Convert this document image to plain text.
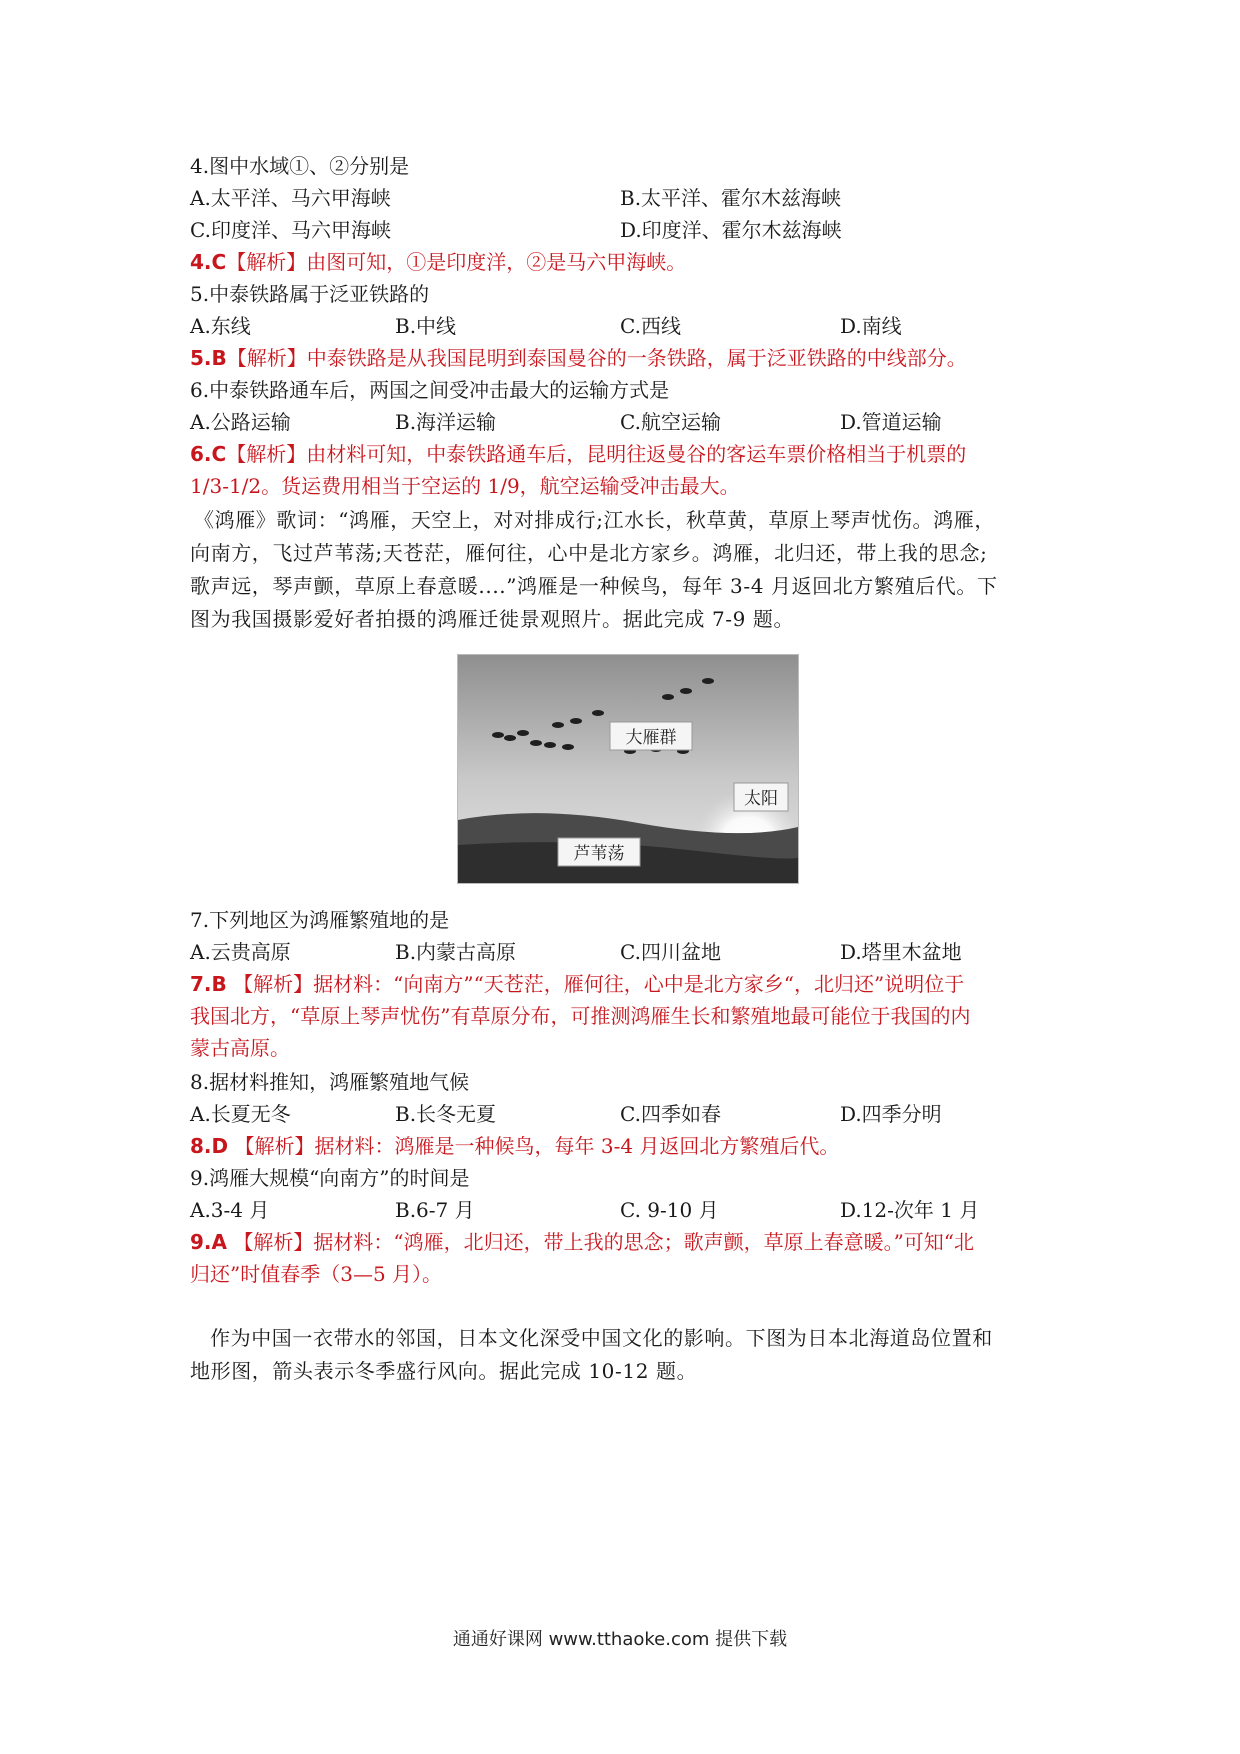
4.图中水域①、②分别是
A.太平洋、马六甲海峡	B.太平洋、霍尔木兹海峡
C.印度洋、马六甲海峡	D.印度洋、霍尔木兹海峡
4.C【解析】由图可知，①是印度洋，②是马六甲海峡。
5.中泰铁路属于泛亚铁路的
A.东线	B.中线	C.西线	D.南线
5.B【解析】中泰铁路是从我国昆明到泰国曼谷的一条铁路，属于泛亚铁路的中线部分。
6.中泰铁路通车后，两国之间受冲击最大的运输方式是
A.公路运输	B.海洋运输	C.航空运输	D.管道运输
6.C【解析】由材料可知，中泰铁路通车后，昆明往返曼谷的客运车票价格相当于机票的
1/3-1/2。货运费用相当于空运的 1/9，航空运输受冲击最大。

《鸿雁》歌词：“鸿雁，天空上，对对排成行;江水长，秋草黄，草原上琴声忧伤。鸿雁，

向南方，飞过芦苇荡;天苍茫，雁何往，心中是北方家乡。鸿雁，北归还，带上我的思念;

歌声远，琴声颤，草原上春意暖....”鸿雁是一种候鸟，每年 3-4 月返回北方繁殖后代。下

图为我国摄影爱好者拍摄的鸿雁迁徙景观照片。据此完成 7-9 题。

大雁群
太阳
芦苇荡
7.下列地区为鸿雁繁殖地的是
A.云贵高原	B.内蒙古高原	C.四川盆地	D.塔里木盆地
7.B 【解析】据材料：“向南方”“天苍茫，雁何往，心中是北方家乡“，北归还”说明位于
我国北方，“草原上琴声忧伤”有草原分布，可推测鸿雁生长和繁殖地最可能位于我国的内
蒙古高原。
8.据材料推知，鸿雁繁殖地气候
A.长夏无冬	B.长冬无夏	C.四季如春	D.四季分明
8.D 【解析】据材料：鸿雁是一种候鸟，每年 3-4 月返回北方繁殖后代。
9.鸿雁大规模“向南方”的时间是
A.3-4 月	B.6-7 月	C. 9-10 月	D.12-次年 1 月
9.A 【解析】据材料：“鸿雁，北归还，带上我的思念；歌声颤，草原上春意暖。”可知“北
归还”时值春季（3—5 月）。

作为中国一衣带水的邻国，日本文化深受中国文化的影响。下图为日本北海道岛位置和

地形图，箭头表示冬季盛行风向。据此完成 10-12 题。

通通好课网 www.tthaoke.com 提供下载
